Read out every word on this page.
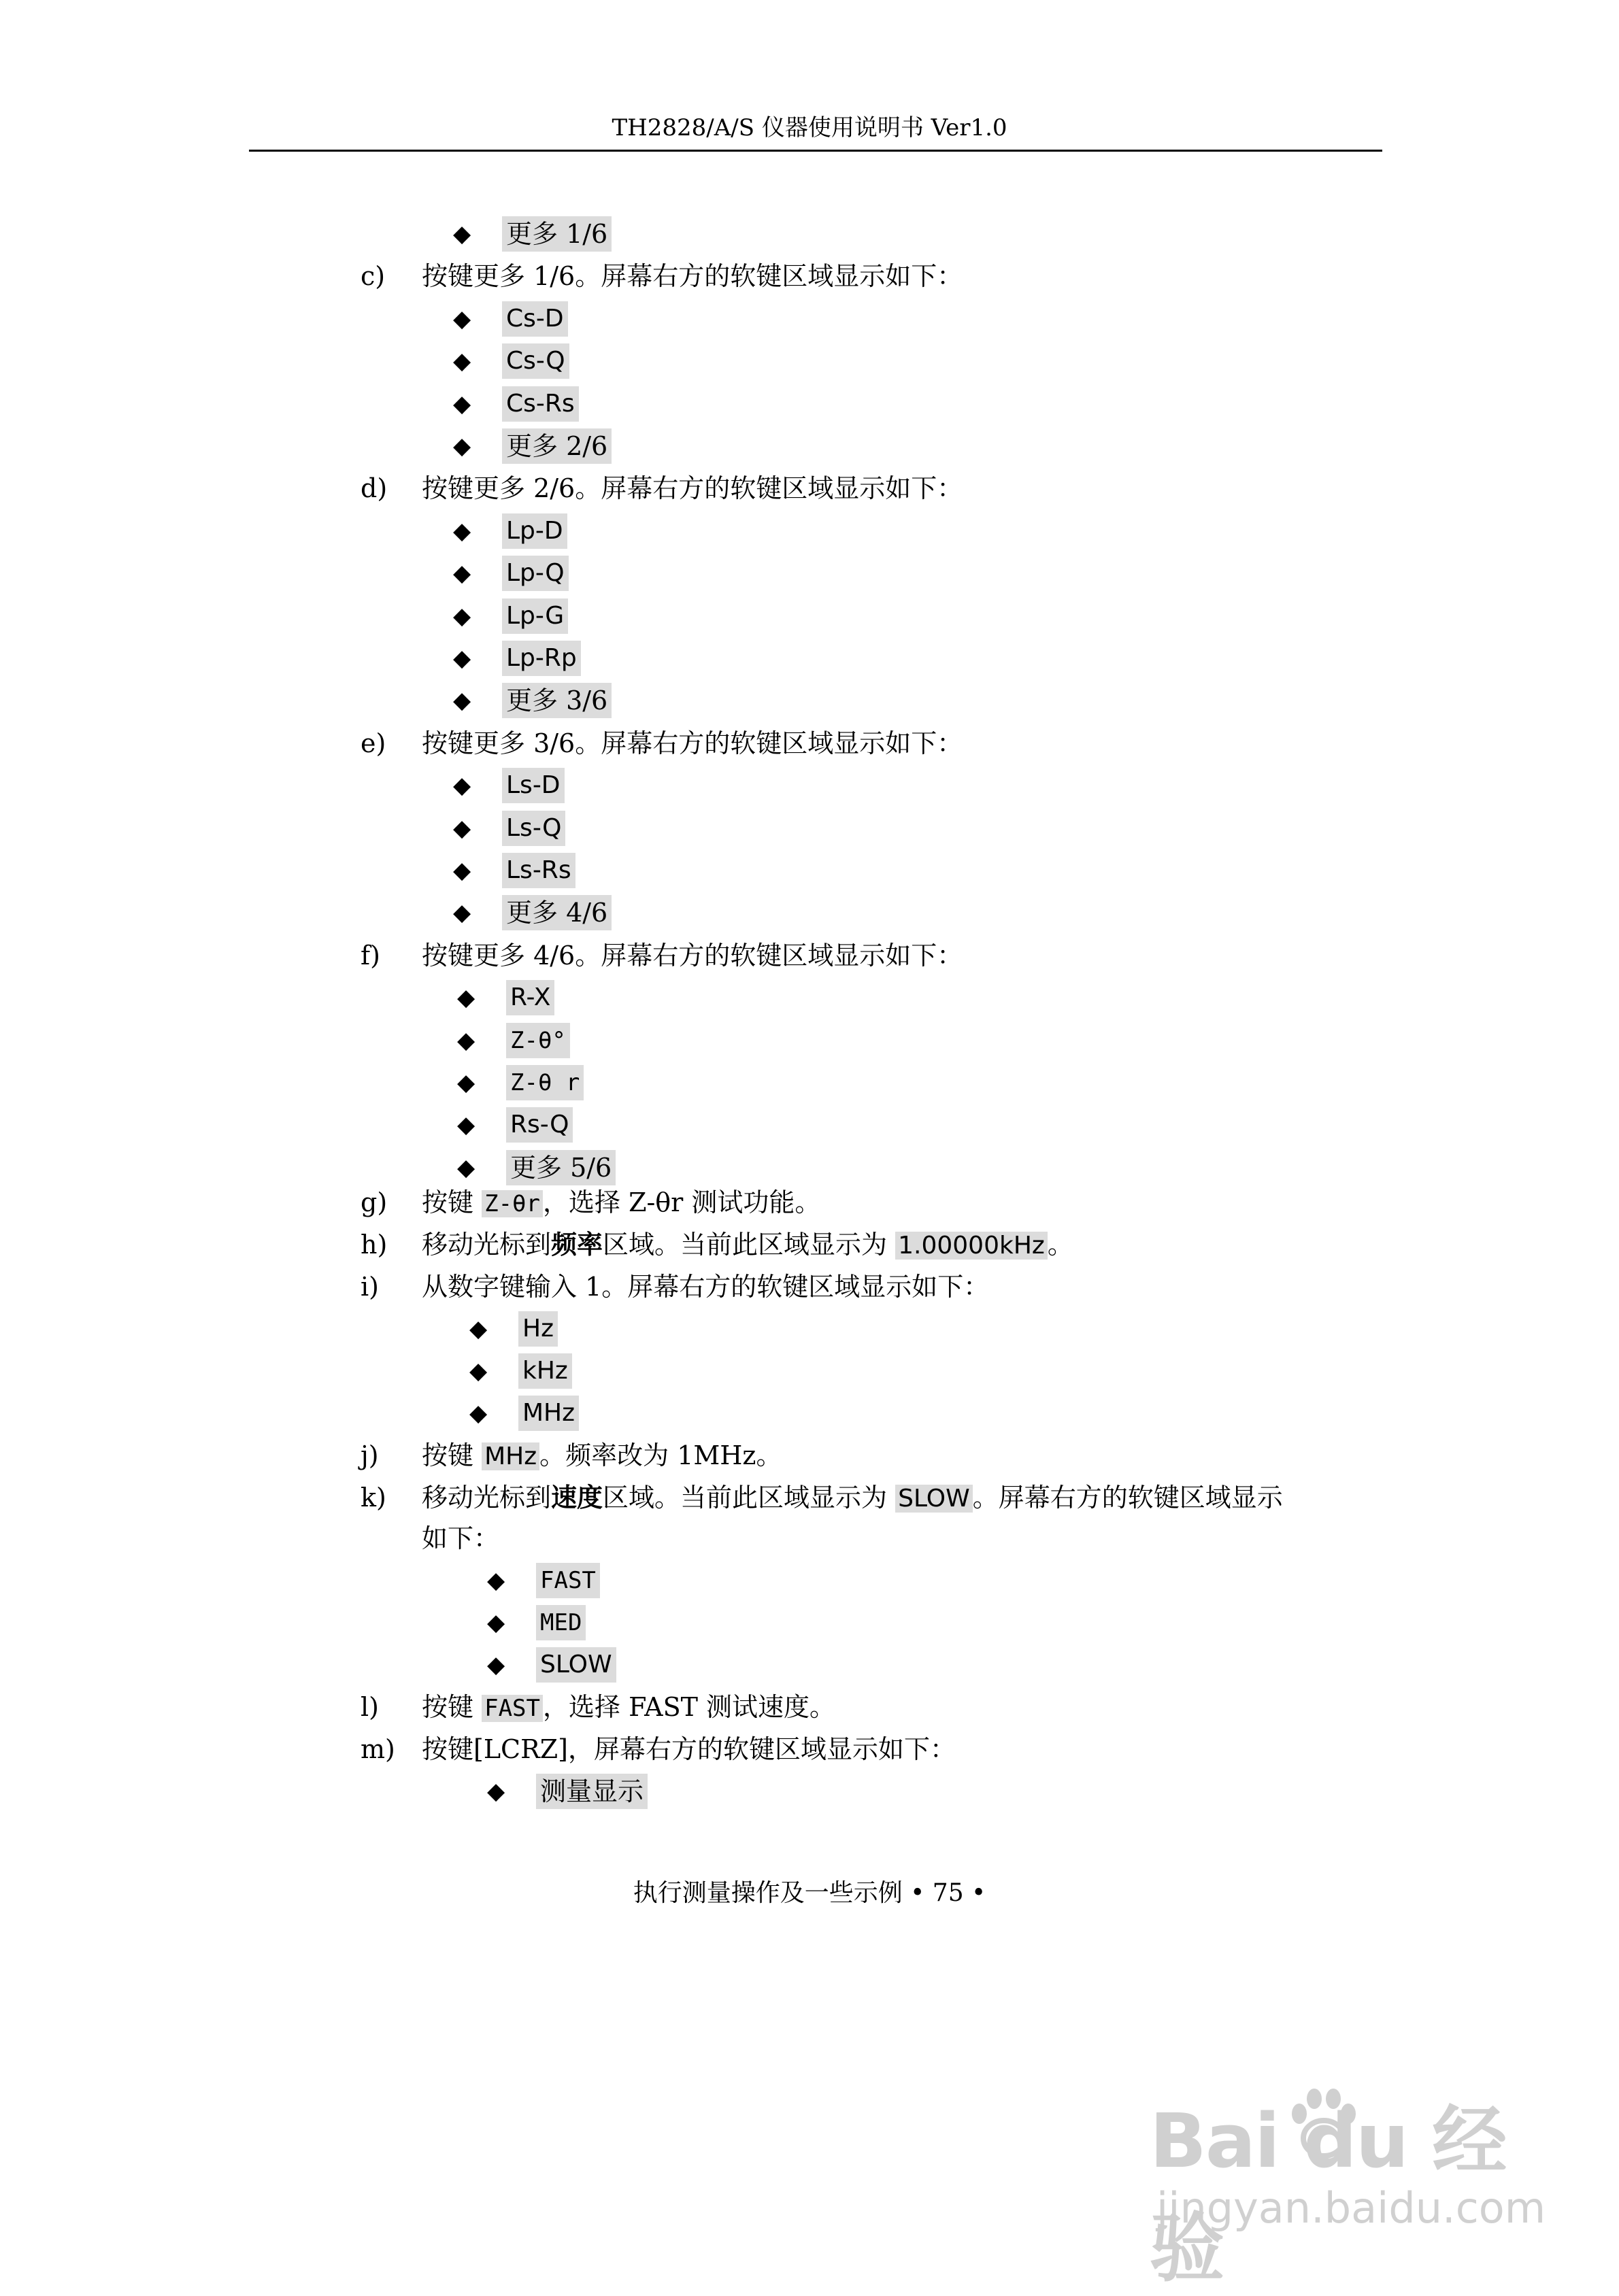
TH2828/A/S 仪器使用说明书 Ver1.0
◆ 更多 1/6
c) 按键更多 1/6。屏幕右方的软键区域显示如下：
◆ Cs-D
◆ Cs-Q
◆ Cs-Rs
◆ 更多 2/6
d) 按键更多 2/6。屏幕右方的软键区域显示如下：
◆ Lp-D
◆ Lp-Q
◆ Lp-G
◆ Lp-Rp
◆ 更多 3/6
e) 按键更多 3/6。屏幕右方的软键区域显示如下：
◆ Ls-D
◆ Ls-Q
◆ Ls-Rs
◆ 更多 4/6
f) 按键更多 4/6。屏幕右方的软键区域显示如下：
◆ R-X
◆ Z-θ°
◆ Z-θ r
◆ Rs-Q
◆ 更多 5/6
g) 按键 Z-θr ，选择 Z-θr 测试功能。
h) 移动光标到频率区域。当前此区域显示为 1.00000kHz 。
i) 从数字键输入 1。屏幕右方的软键区域显示如下：
◆ Hz
◆ kHz
◆ MHz
j) 按键 MHz 。频率改为 1MHz。
k) 移动光标到速度区域。当前此区域显示为 SLOW 。屏幕右方的软键区域显示
如下：
◆ FAST
◆ MED
◆ SLOW
l) 按键 FAST ，选择 FAST 测试速度。
m) 按键[LCRZ]，屏幕右方的软键区域显示如下：
◆ 测量显示
执行测量操作及一些示例 • 75 •
Bai du 经验
jingyan.baidu.com
